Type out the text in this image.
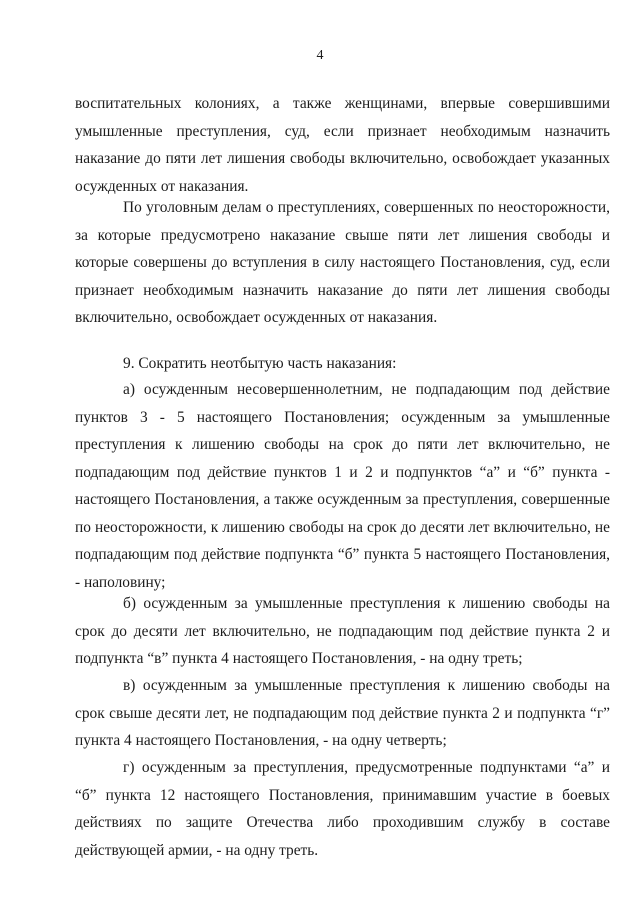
4

воспитательных колониях, а также женщинами, впервые совершившими умышленные преступления, суд, если признает необходимым назначить наказание до пяти лет лишения свободы включительно, освобождает указанных осужденных от наказания.

По уголовным делам о преступлениях, совершенных по неосторожности, за которые предусмотрено наказание свыше пяти лет лишения свободы и которые совершены до вступления в силу настоящего Постановления, суд, если признает необходимым назначить наказание до пяти лет лишения свободы включительно, освобождает осужденных от наказания.

9. Сократить неотбытую часть наказания:

а) осужденным несовершеннолетним, не подпадающим под действие пунктов 3 - 5 настоящего Постановления; осужденным за умышленные преступления к лишению свободы на срок до пяти лет включительно, не подпадающим под действие пунктов 1 и 2 и подпунктов “а” и “б” пункта - настоящего Постановления, а также осужденным за преступления, совершенные по неосторожности, к лишению свободы на срок до десяти лет включительно, не подпадающим под действие подпункта “б” пункта 5 настоящего Постановления, - наполовину;

б) осужденным за умышленные преступления к лишению свободы на срок до десяти лет включительно, не подпадающим под действие пункта 2 и подпункта “в” пункта 4 настоящего Постановления, - на одну треть;

в) осужденным за умышленные преступления к лишению свободы на срок свыше десяти лет, не подпадающим под действие пункта 2 и подпункта “г” пункта 4 настоящего Постановления, - на одну четверть;

г) осужденным за преступления, предусмотренные подпунктами “а” и “б” пункта 12 настоящего Постановления, принимавшим участие в боевых действиях по защите Отечества либо проходившим службу в составе действующей армии, - на одну треть.
